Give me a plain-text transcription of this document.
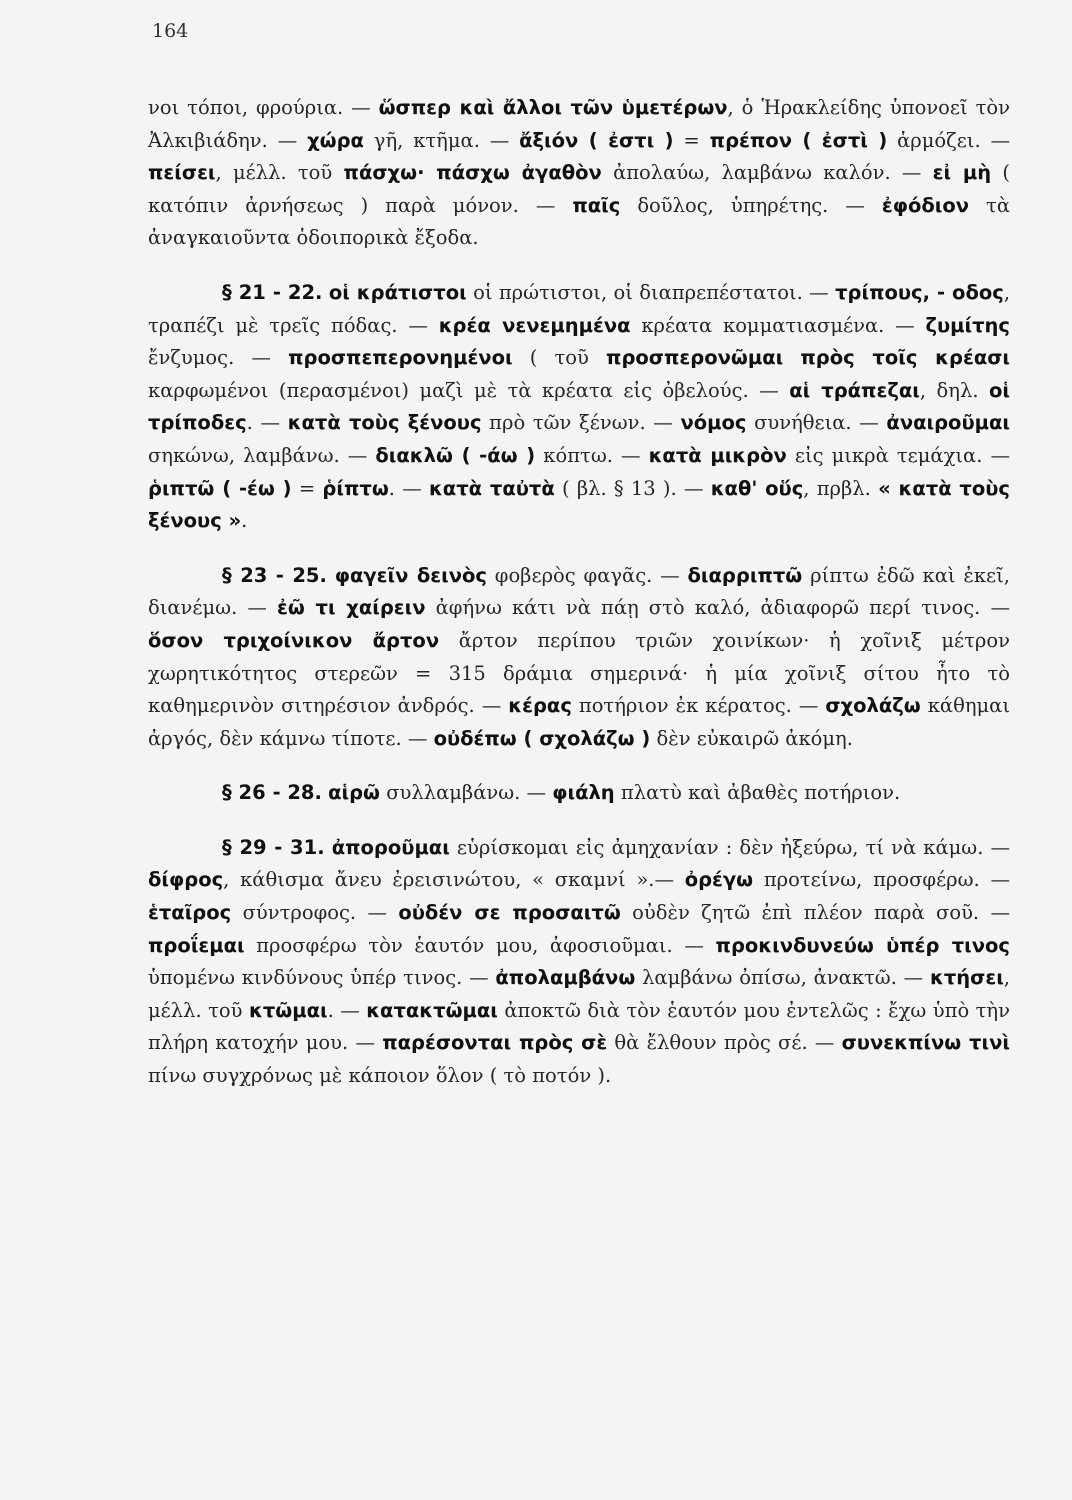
164

νοι τόποι, φρούρια. — ὥσπερ καὶ ἄλλοι τῶν ὑμετέρων, ὁ Ἡρακλείδης ὑπονοεῖ τὸν Ἀλκιβιάδην. — χώρα γῆ, κτῆμα. — ἄξιόν ( ἐστι ) = πρέπον ( ἐστὶ ) ἁρμόζει. — πείσει, μέλλ. τοῦ πάσχω· πάσχω ἀγαθὸν ἀπολαύω, λαμβάνω καλόν. — εἰ μὴ ( κατόπιν ἀρνήσεως ) παρὰ μόνον. — παῖς δοῦλος, ὑπηρέτης. — ἐφόδιον τὰ ἀναγκαιοῦντα ὁδοιπορικὰ ἔξοδα.

§ 21 - 22. οἱ κράτιστοι οἱ πρώτιστοι, οἱ διαπρεπέστατοι. — τρίπους, - οδος, τραπέζι μὲ τρεῖς πόδας. — κρέα νενεμημένα κρέατα κομματιασμένα. — ζυμίτης ἔνζυμος. — προσπεπερονημένοι ( τοῦ προσπερονῶμαι πρὸς τοῖς κρέασι καρφωμένοι (περασμένοι) μαζὶ μὲ τὰ κρέατα εἰς ὀβελούς. — αἱ τράπεζαι, δηλ. οἱ τρίποδες. — κατὰ τοὺς ξένους πρὸ τῶν ξένων. — νόμος συνήθεια. — ἀναιροῦμαι σηκώνω, λαμβάνω. — διακλῶ ( -άω ) κόπτω. — κατὰ μικρὸν εἰς μικρὰ τεμάχια. — ῥιπτῶ ( -έω ) = ῥίπτω. — κατὰ ταὐτὰ ( βλ. § 13 ). — καθ' οὕς, πρβλ. « κατὰ τοὺς ξένους ».

§ 23 - 25. φαγεῖν δεινὸς φοβερὸς φαγᾶς. — διαρριπτῶ ρίπτω ἐδῶ καὶ ἐκεῖ, διανέμω. — ἐῶ τι χαίρειν ἀφήνω κάτι νὰ πάῃ στὸ καλό, ἀδιαφορῶ περί τινος. — ὅσον τριχοίνικον ἄρτον ἄρτον περίπου τριῶν χοινίκων· ἡ χοῖνιξ μέτρον χωρητικότητος στερεῶν = 315 δράμια σημερινά· ἡ μία χοῖνιξ σίτου ἦτο τὸ καθημερινὸν σιτηρέσιον ἀνδρός. — κέρας ποτήριον ἐκ κέρατος. — σχολάζω κάθημαι ἀργός, δὲν κάμνω τίποτε. — οὐδέπω ( σχολάζω ) δὲν εὐκαιρῶ ἀκόμη.

§ 26 - 28. αἱρῶ συλλαμβάνω. — φιάλη πλατὺ καὶ ἀβαθὲς ποτήριον.

§ 29 - 31. ἀποροῦμαι εὑρίσκομαι εἰς ἀμηχανίαν : δὲν ἠξεύρω, τί νὰ κάμω. — δίφρος, κάθισμα ἄνευ ἐρεισινώτου, « σκαμνί ».— ὀρέγω προτείνω, προσφέρω. — ἑταῖρος σύντροφος. — οὐδέν σε προσαιτῶ οὐδὲν ζητῶ ἐπὶ πλέον παρὰ σοῦ. — προΐεμαι προσφέρω τὸν ἑαυτόν μου, ἀφοσιοῦμαι. — προκινδυνεύω ὑπέρ τινος ὑπομένω κινδύνους ὑπέρ τινος. — ἀπολαμβάνω λαμβάνω ὀπίσω, ἀνακτῶ. — κτήσει, μέλλ. τοῦ κτῶμαι. — κατακτῶμαι ἀποκτῶ διὰ τὸν ἑαυτόν μου ἐντελῶς : ἔχω ὑπὸ τὴν πλήρη κατοχήν μου. — παρέσονται πρὸς σὲ θὰ ἔλθουν πρὸς σέ. — συνεκπίνω τινὶ πίνω συγχρόνως μὲ κάποιον ὅλον ( τὸ ποτόν ).
